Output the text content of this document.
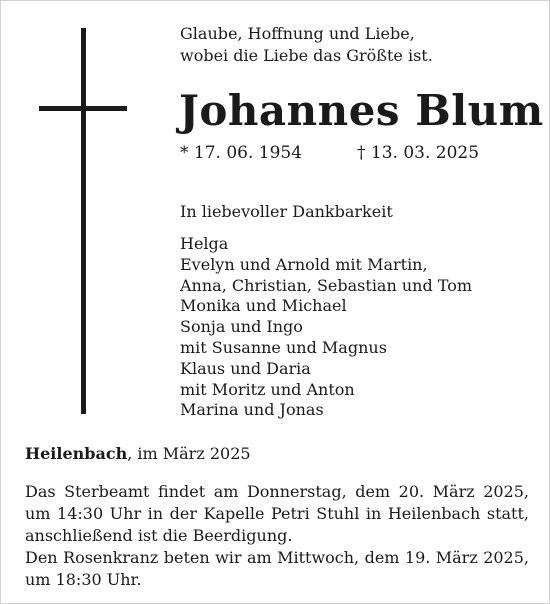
Glaube, Hoffnung und Liebe,
wobei die Liebe das Größte ist.
Johannes Blum
* 17. 06. 1954	† 13. 03. 2025
In liebevoller Dankbarkeit
Helga
Evelyn und Arnold mit Martin,
Anna, Christian, Sebastian und Tom
Monika und Michael
Sonja und Ingo
mit Susanne und Magnus
Klaus und Daria
mit Moritz und Anton
Marina und Jonas
Heilenbach, im März 2025
Das Sterbeamt findet am Donnerstag, dem 20. März 2025,
um 14:30 Uhr in der Kapelle Petri Stuhl in Heilenbach statt,
anschließend ist die Beerdigung.
Den Rosenkranz beten wir am Mittwoch, dem 19. März 2025,
um 18:30 Uhr.
